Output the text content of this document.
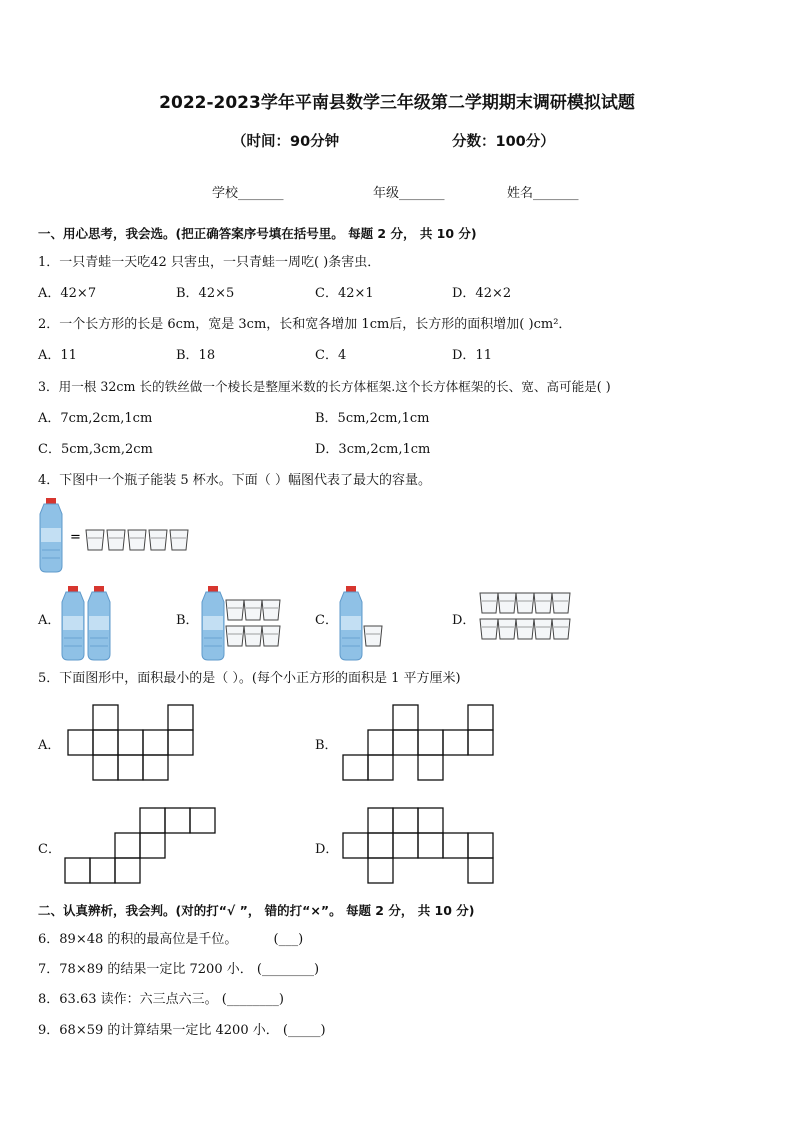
2022-2023学年平南县数学三年级第二学期期末调研模拟试题
（时间：90分钟	分数：100分）
学校_______	年级_______	姓名_______
一、用心思考，我会选。(把正确答案序号填在括号里。 每题 2 分， 共 10 分)
1．一只青蛙一天吃42 只害虫，一只青蛙一周吃( )条害虫．
A．42×7	B．42×5	C．42×1	D．42×2
2．一个长方形的长是 6cm，宽是 3cm，长和宽各增加 1cm后，长方形的面积增加( )cm²．
A．11	B．18	C．4	D．11
3．用一根 32cm 长的铁丝做一个棱长是整厘米数的长方体框架.这个长方体框架的长、宽、高可能是( )
A．7cm,2cm,1cm	B．5cm,2cm,1cm
C．5cm,3cm,2cm	D．3cm,2cm,1cm
4．下图中一个瓶子能装 5 杯水。下面（ ）幅图代表了最大的容量。
=
A．	B．	C．	D．
5．下面图形中，面积最小的是（ ）。(每个小正方形的面积是 1 平方厘米)
A．	B．
C．	D．
二、认真辨析，我会判。(对的打“√ ”， 错的打“×”。 每题 2 分， 共 10 分)
6．89×48 的积的最高位是千位。	(___)
7．78×89 的结果一定比 7200 小． (________)
8．63.63 读作：六三点六三。 (________)
9．68×59 的计算结果一定比 4200 小． (_____)
